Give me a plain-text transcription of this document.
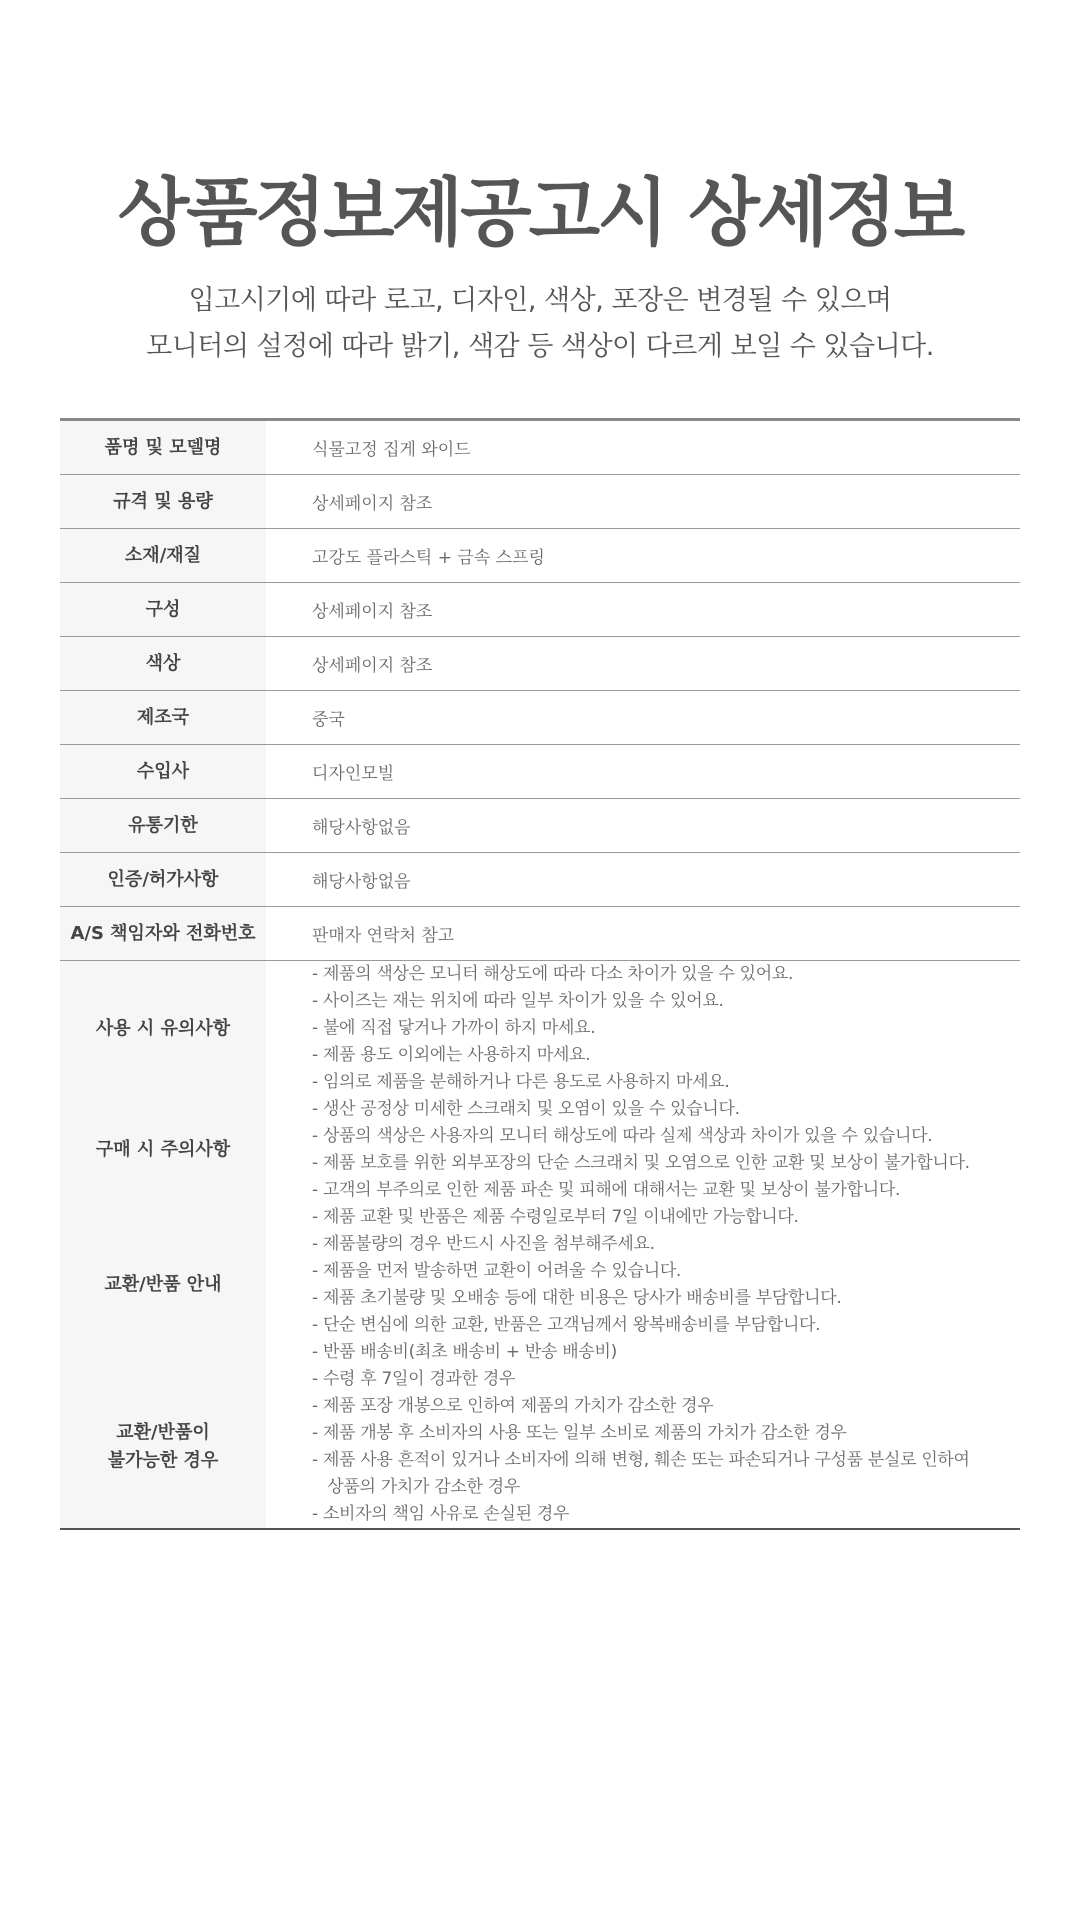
상품정보제공고시 상세정보
입고시기에 따라 로고, 디자인, 색상, 포장은 변경될 수 있으며
모니터의 설정에 따라 밝기, 색감 등 색상이 다르게 보일 수 있습니다.
품명 및 모델명	식물고정 집게 와이드
규격 및 용량	상세페이지 참조
소재/재질	고강도 플라스틱 + 금속 스프링
구성	상세페이지 참조
색상	상세페이지 참조
제조국	중국
수입사	디자인모빌
유통기한	해당사항없음
인증/허가사항	해당사항없음
A/S 책임자와 전화번호	판매자 연락처 참고
사용 시 유의사항
- 제품의 색상은 모니터 해상도에 따라 다소 차이가 있을 수 있어요.
- 사이즈는 재는 위치에 따라 일부 차이가 있을 수 있어요.
- 불에 직접 닿거나 가까이 하지 마세요.
- 제품 용도 이외에는 사용하지 마세요.
- 임의로 제품을 분해하거나 다른 용도로 사용하지 마세요.
구매 시 주의사항
- 생산 공정상 미세한 스크래치 및 오염이 있을 수 있습니다.
- 상품의 색상은 사용자의 모니터 해상도에 따라 실제 색상과 차이가 있을 수 있습니다.
- 제품 보호를 위한 외부포장의 단순 스크래치 및 오염으로 인한 교환 및 보상이 불가합니다.
- 고객의 부주의로 인한 제품 파손 및 피해에 대해서는 교환 및 보상이 불가합니다.
교환/반품 안내
- 제품 교환 및 반품은 제품 수령일로부터 7일 이내에만 가능합니다.
- 제품불량의 경우 반드시 사진을 첨부해주세요.
- 제품을 먼저 발송하면 교환이 어려울 수 있습니다.
- 제품 초기불량 및 오배송 등에 대한 비용은 당사가 배송비를 부담합니다.
- 단순 변심에 의한 교환, 반품은 고객님께서 왕복배송비를 부담합니다.
- 반품 배송비(최초 배송비 + 반송 배송비)
교환/반품이
불가능한 경우
- 수령 후 7일이 경과한 경우
- 제품 포장 개봉으로 인하여 제품의 가치가 감소한 경우
- 제품 개봉 후 소비자의 사용 또는 일부 소비로 제품의 가치가 감소한 경우
- 제품 사용 흔적이 있거나 소비자에 의해 변형, 훼손 또는 파손되거나 구성품 분실로 인하여
상품의 가치가 감소한 경우
- 소비자의 책임 사유로 손실된 경우
